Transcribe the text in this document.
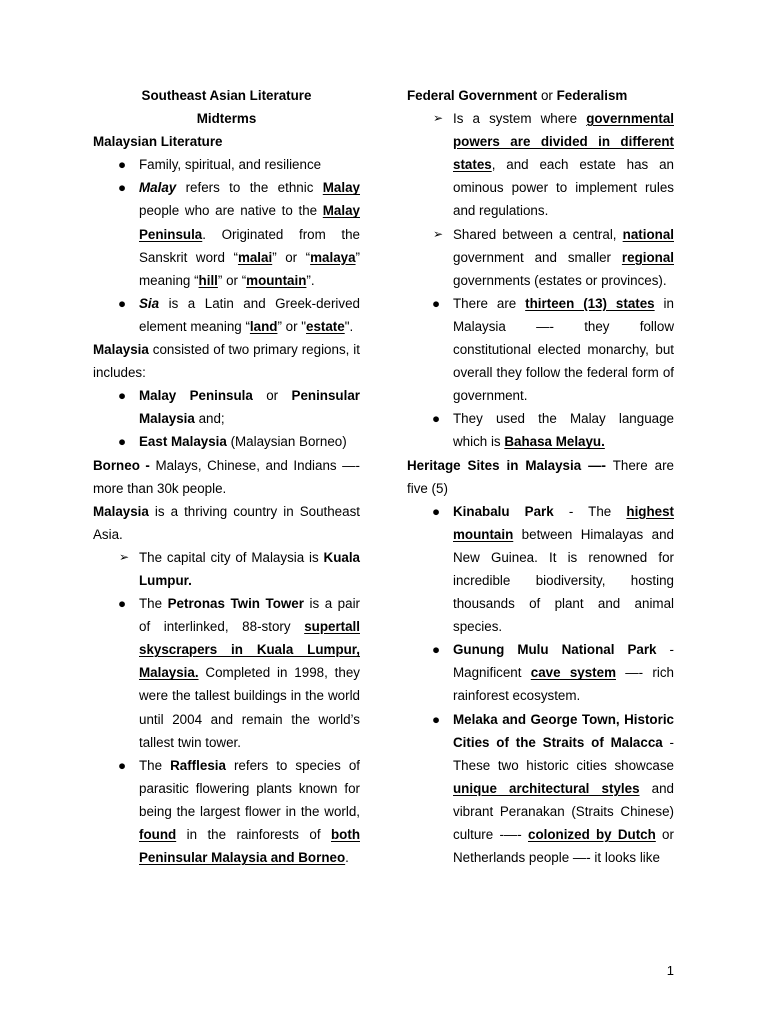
Southeast Asian Literature

Midterms

Malaysian Literature

● Family, spiritual, and resilience
● Malay refers to the ethnic Malay people who are native to the Malay Peninsula. Originated from the Sanskrit word “malai” or “malaya” meaning “hill” or “mountain”.
● Sia is a Latin and Greek-derived element meaning “land” or "estate".

Malaysia consisted of two primary regions, it includes:

● Malay Peninsula or Peninsular Malaysia and;
● East Malaysia (Malaysian Borneo)

Borneo - Malays, Chinese, and Indians —- more than 30k people.

Malaysia is a thriving country in Southeast Asia.

➢ The capital city of Malaysia is Kuala Lumpur.
● The Petronas Twin Tower is a pair of interlinked, 88-story supertall skyscrapers in Kuala Lumpur, Malaysia. Completed in 1998, they were the tallest buildings in the world until 2004 and remain the world’s tallest twin tower.
● The Rafflesia refers to species of parasitic flowering plants known for being the largest flower in the world, found in the rainforests of both Peninsular Malaysia and Borneo.

Federal Government or Federalism

➢ Is a system where governmental powers are divided in different states, and each estate has an ominous power to implement rules and regulations.
➢ Shared between a central, national government and smaller regional governments (estates or provinces).
● There are thirteen (13) states in Malaysia —- they follow constitutional elected monarchy, but overall they follow the federal form of government.
● They used the Malay language which is Bahasa Melayu.

Heritage Sites in Malaysia —- There are five (5)

● Kinabalu Park - The highest mountain between Himalayas and New Guinea. It is renowned for incredible biodiversity, hosting thousands of plant and animal species.
● Gunung Mulu National Park - Magnificent cave system —- rich rainforest ecosystem.
● Melaka and George Town, Historic Cities of the Straits of Malacca - These two historic cities showcase unique architectural styles and vibrant Peranakan (Straits Chinese) culture -—- colonized by Dutch or Netherlands people —- it looks like
1
